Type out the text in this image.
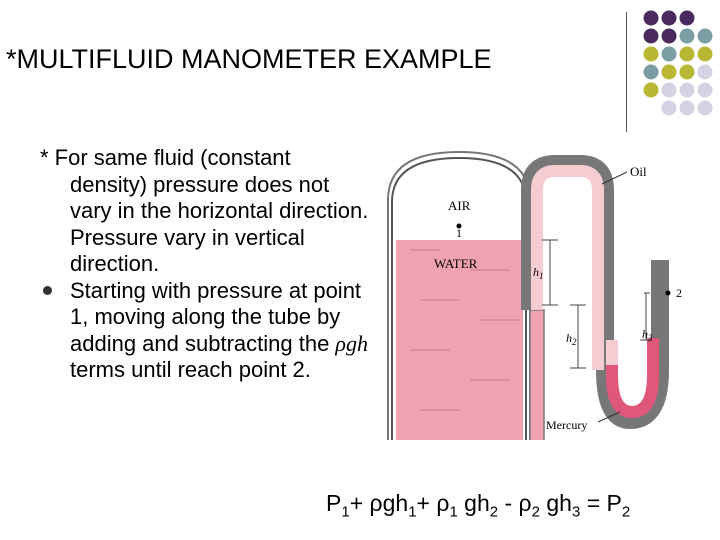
*MULTIFLUID MANOMETER EXAMPLE
* For same fluid (constant density) pressure does not vary in the horizontal direction. Pressure vary in vertical direction.
Starting with pressure at point 1, moving along the tube by adding and subtracting the ρgh terms until reach point 2.
AIR
1
WATER
Oil
Mercury
2
$h_1$
$h_2$
$h_3$
$P_1+ \rho gh_1+ \rho_1$ $gh_2 - \rho_2$ $gh_3 = P_2$
